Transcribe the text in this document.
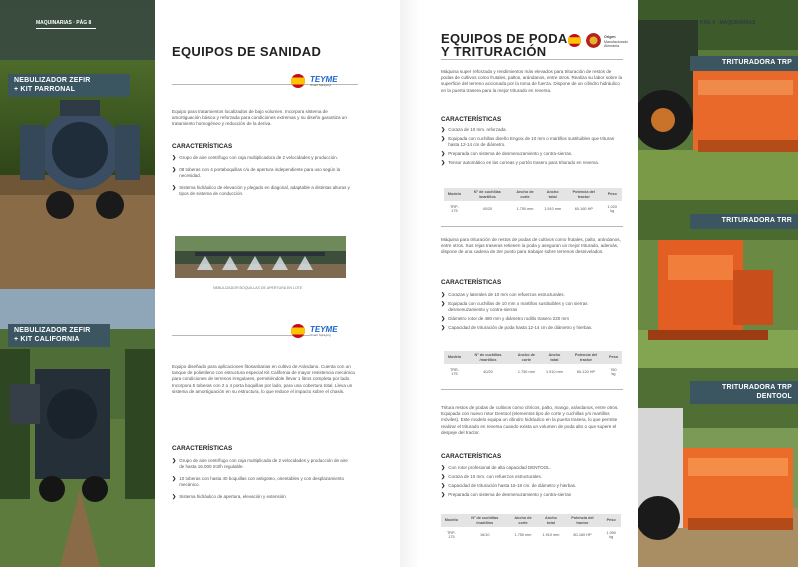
MAQUINARIAS · PÁG 8
NEBULIZADOR ZEFIR
+ KIT PARRONAL
NEBULIZADOR ZEFIR
+ KIT CALIFORNIA
EQUIPOS DE SANIDAD
TEYME
Smart Spraying
Equipo para tratamientos localizados de bajo volumen. Incorpora sistema de amortiguación básica y reforzada para condiciones extremas y su diseño garantiza un tratamiento homogéneo y reducción de la deriva.
CARACTERÍSTICAS
❯ Grupo de aire centrífugo con caja multiplicadora de 2 velocidades y producción.
❯ 08 toberas con 4 portaboquillas c/u de apertura independiente para uso según la necesidad.
❯ Sistema hidráulico de elevación y plegado en diagonal, adaptable a distintas alturas y tipos de sistema de conducción.
NEBULIZADOR BOQUILLAS DE APERTURA EN LOTE
TEYME
Smart Spraying
Equipo diseñado para aplicaciones fitosanitarias en cultivo de Arándano. Cuenta con un tanque de polietileno con estructura especial Kit California de mayor resistencia mecánica para condiciones de terrenos irregulares, permitiéndole llevar 1 litros completa por lado. Incorpora 5 toberas con 2 o 4 porta boquillas por lado, para una cobertura total. Lleva un sistema de amortiguación en su estructura, lo que reduce el impacto sobre el chasis.
CARACTERÍSTICAS
❯ Grupo de aire centrífugo con caja multiplicada de 2 velocidades y producción de aire de hasta 16.000 m3/h regulable.
❯ 10 toberas con hasta 40 boquillas con antigoteo, orientables y con desplazamiento mecánico.
❯ Sistema hidráulico de apertura, elevación y extensión
EQUIPOS DE PODA
Y TRITURACIÓN
Origen
Manufacturado Alemania
Máquina super reforzada y rendimientos más elevados para trituración de restos de podas de cultivos como frutales, paltos, arándanos, entre otros. Realiza su labor sobre la superficie del terreno accionada por la toma de fuerza. Dispone de un cilindro hidráulico en la puerta trasera para la mejor triturado en reversa.
CARACTERÍSTICAS
❯ Coraza de 10 mm. reforzada.
❯ Equipada con cuchillas diseño Engoix de 10 mm o martillos sustituibles que trituran hasta 12-14 cm de diámetro.
❯ Preparada con sistema de desmenuzamiento y contra-sierras.
❯ Tensor automático en las correas y portón trasero para triturado en reversa.
Modelo	N° de cuchillas /martillos	Ancho de corte	Ancho total	Potencia del tractor	Peso
TRP-175	40/20	1.750 mm	1.910 mm	60-160 HP	1.020 kg
Máquina para trituración de restos de podas de cultivos como frutales, palto, arándanos, entre otros. Sus rejas traseras retienen la poda y aseguran un mejor triturado, además, dispone de una cadena de 3er punto para trabajar sobre terrenos desnivelados.
CARACTERÍSTICAS
❯ Corazas y laterales de 10 mm con refuerzos estructurales.
❯ Equipada con cuchillas de 10 mm o martillos sustituibles y con sierras desmenuzamiento y contra-sierras
❯ Diámetro rotor de 480 mm y diámetro rodillo trasero 220 mm
❯ Capacidad de trituración de poda hasta 12-14 cm de diámetro y hierbas.
Modelo	N° de cuchillas /martillos	Ancho de corte	Ancho total	Potencia del tractor	Peso
TRR-175	40/20	1.750 mm	1.910 mm	60-120 HP	760 kg
Tritura restos de podas de cultivos como cítricos, palto, mango, arándanos, entre otros. Equipada con nuevo rotor Dentool (elementos tipo de corte y cuchillas y/o martillos móviles). Este modelo equipa un cilindro hidráulico en la puerta trasera, lo que permite realizar el triturado en reversa cuando exista un volumen de poda alto o que supere el despeje del tractor.
CARACTERÍSTICAS
❯ Con rotor profesional de alta capacidad DENTOOL.
❯ Coraza de 10 mm. con refuerzos estructurales.
❯ Capacidad de trituración hasta 16-18 cm. de diámetro y hierbas.
❯ Preparada con sistema de desmenuzamiento y contra-sierras
Modelo	N° de cuchillas /martillos	Ancho de corte	Ancho total	Potencia del tractor	Peso
TRP-175	16/10	1.750 mm	1.910 mm	80-160 HP	1.090 kg
PÁG 9 · MAQUINARIAS
TRITURADORA TRP
TRITURADORA TRR
TRITURADORA TRP
DENTOOL
